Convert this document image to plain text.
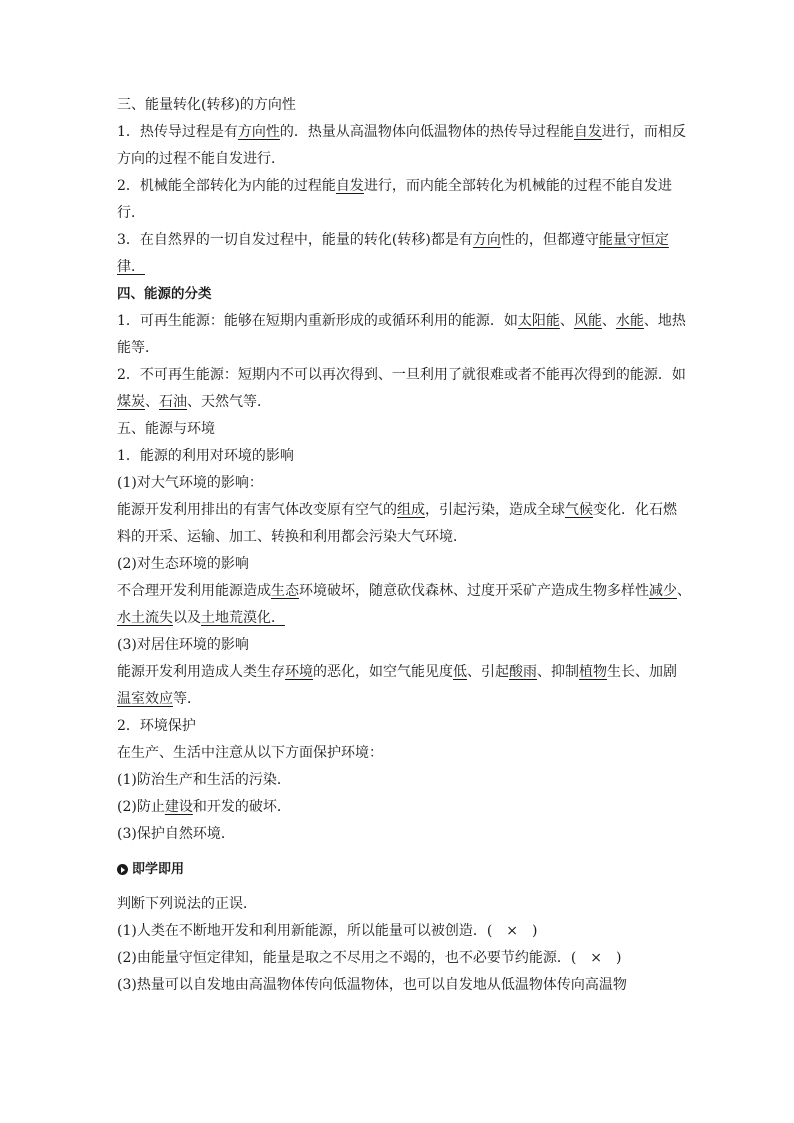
三、能量转化(转移)的方向性
1．热传导过程是有方向性的．热量从高温物体向低温物体的热传导过程能自发进行，而相反
方向的过程不能自发进行．
2．机械能全部转化为内能的过程能自发进行，而内能全部转化为机械能的过程不能自发进
行．
3．在自然界的一切自发过程中，能量的转化(转移)都是有方向性的，但都遵守能量守恒定
律．
四、能源的分类
1．可再生能源：能够在短期内重新形成的或循环利用的能源．如太阳能、风能、水能、地热
能等．
2．不可再生能源：短期内不可以再次得到、一旦利用了就很难或者不能再次得到的能源．如
煤炭、石油、天然气等．
五、能源与环境
1．能源的利用对环境的影响
(1)对大气环境的影响：
能源开发利用排出的有害气体改变原有空气的组成，引起污染，造成全球气候变化．化石燃
料的开采、运输、加工、转换和利用都会污染大气环境．
(2)对生态环境的影响
不合理开发利用能源造成生态环境破坏，随意砍伐森林、过度开采矿产造成生物多样性减少、
水土流失以及土地荒漠化．
(3)对居住环境的影响
能源开发利用造成人类生存环境的恶化，如空气能见度低、引起酸雨、抑制植物生长、加剧
温室效应等．
2．环境保护
在生产、生活中注意从以下方面保护环境：
(1)防治生产和生活的污染．
(2)防止建设和开发的破坏．
(3)保护自然环境．
即学即用
判断下列说法的正误．
(1)人类在不断地开发和利用新能源，所以能量可以被创造．(　×　)
(2)由能量守恒定律知，能量是取之不尽用之不竭的，也不必要节约能源．(　×　)
(3)热量可以自发地由高温物体传向低温物体，也可以自发地从低温物体传向高温物
